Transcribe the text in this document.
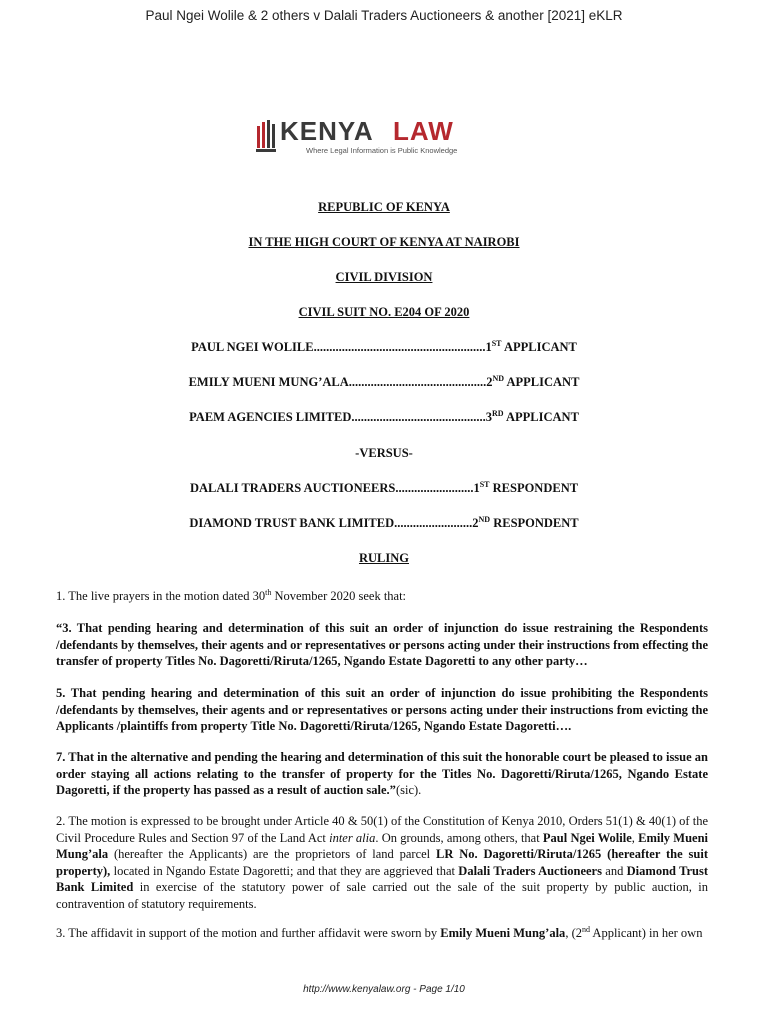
Paul Ngei Wolile & 2 others v Dalali Traders Auctioneers & another [2021] eKLR
KENYA LAW
Where Legal Information is Public Knowledge
REPUBLIC OF KENYA
IN THE HIGH COURT OF KENYA AT NAIROBI
CIVIL DIVISION
CIVIL SUIT NO. E204 OF 2020
PAUL NGEI WOLILE.......................................................1ST APPLICANT
EMILY MUENI MUNG’ALA............................................2ND APPLICANT
PAEM AGENCIES LIMITED...........................................3RD APPLICANT
-VERSUS-
DALALI TRADERS AUCTIONEERS.........................1ST RESPONDENT
DIAMOND TRUST BANK LIMITED.........................2ND RESPONDENT
RULING
1. The live prayers in the motion dated 30th November 2020 seek that:
“3. That pending hearing and determination of this suit an order of injunction do issue restraining the Respondents /defendants by themselves, their agents and or representatives or persons acting under their instructions from effecting the transfer of property Titles No. Dagoretti/Riruta/1265, Ngando Estate Dagoretti to any other party…
5. That pending hearing and determination of this suit an order of injunction do issue prohibiting the Respondents /defendants by themselves, their agents and or representatives or persons acting under their instructions from evicting the Applicants /plaintiffs from property Title No. Dagoretti/Riruta/1265, Ngando Estate Dagoretti….
7. That in the alternative and pending the hearing and determination of this suit the honorable court be pleased to issue an order staying all actions relating to the transfer of property for the Titles No. Dagoretti/Riruta/1265, Ngando Estate Dagoretti, if the property has passed as a result of auction sale.”(sic).
2. The motion is expressed to be brought under Article 40 & 50(1) of the Constitution of Kenya 2010, Orders 51(1) & 40(1) of the Civil Procedure Rules and Section 97 of the Land Act inter alia. On grounds, among others, that Paul Ngei Wolile, Emily Mueni Mung’ala (hereafter the Applicants) are the proprietors of land parcel LR No. Dagoretti/Riruta/1265 (hereafter the suit property), located in Ngando Estate Dagoretti; and that they are aggrieved that Dalali Traders Auctioneers and Diamond Trust Bank Limited in exercise of the statutory power of sale carried out the sale of the suit property by public auction, in contravention of statutory requirements.
3. The affidavit in support of the motion and further affidavit were sworn by Emily Mueni Mung’ala, (2nd Applicant) in her own
http://www.kenyalaw.org - Page 1/10
